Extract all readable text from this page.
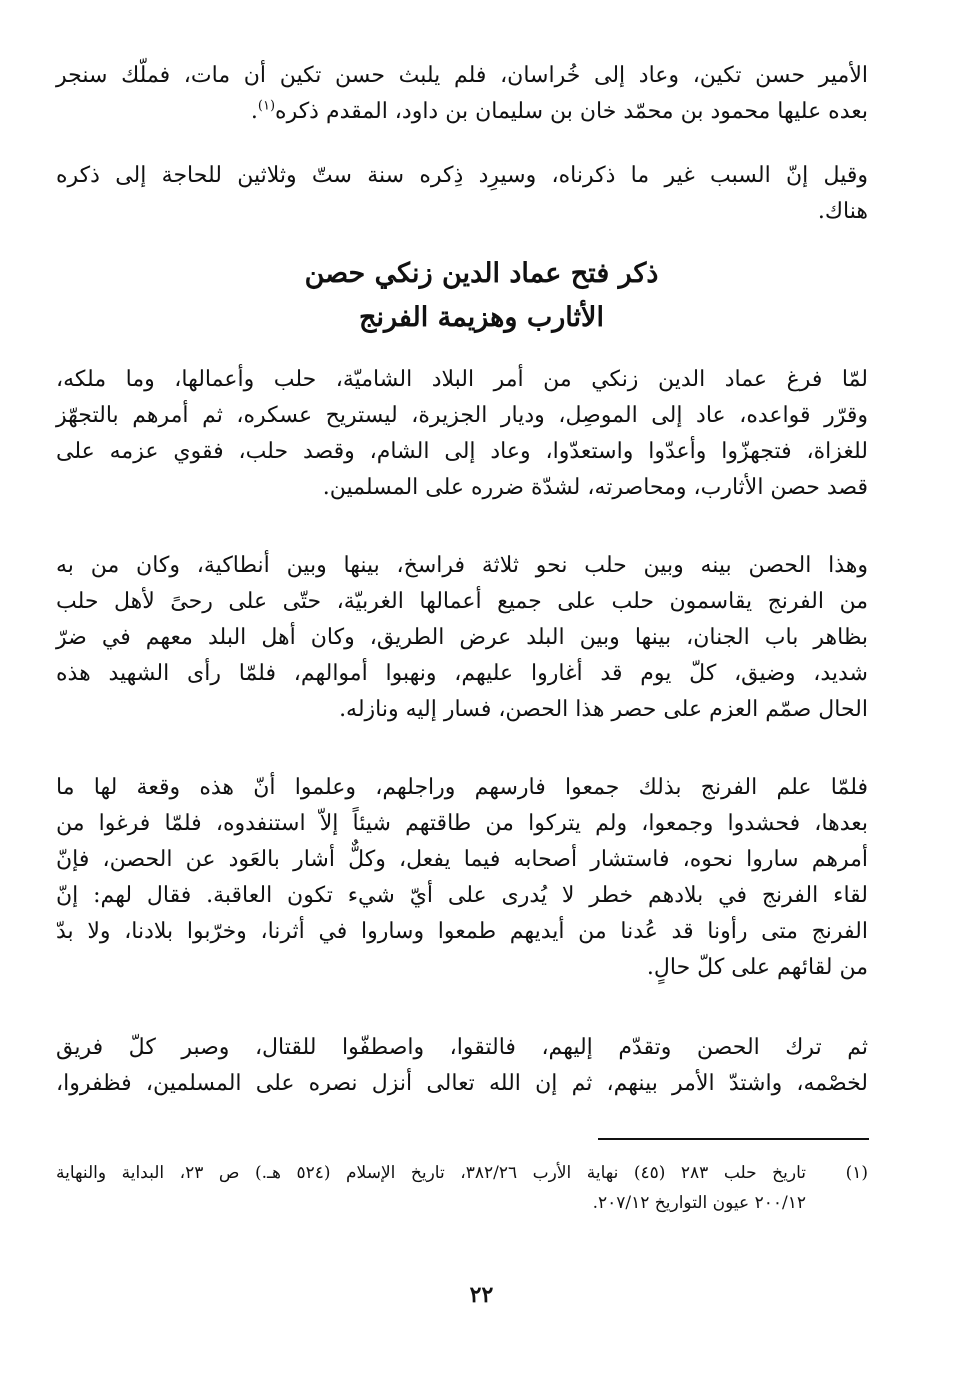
الأمير حسن تكين، وعاد إلى خُراسان، فلم يلبث حسن تكين أن مات، فملّك سنجر
بعده عليها محمود بن محمّد خان بن سليمان بن داود، المقدم ذكره$^{(١)}$.
وقيل إنّ السبب غير ما ذكرناه، وسيرِد ذِكره سنة ستّ وثلاثين للحاجة إلى ذكره
هناك.
ذكر فتح عماد الدين زنكي حصن
الأثارب وهزيمة الفرنج
لمّا فرغ عماد الدين زنكي من أمر البلاد الشاميّة، حلب وأعمالها، وما ملكه،
وقرّر قواعده، عاد إلى الموصِل، وديار الجزيرة، ليستريح عسكره، ثم أمرهم بالتجهّز
للغزاة، فتجهزّوا وأعدّوا واستعدّوا، وعاد إلى الشام، وقصد حلب، فقوي عزمه على
قصد حصن الأثارب، ومحاصرته، لشدّة ضرره على المسلمين.
وهذا الحصن بينه وبين حلب نحو ثلاثة فراسخ، بينها وبين أنطاكية، وكان من به
من الفرنج يقاسمون حلب على جميع أعمالها الغربيّة، حتّى على رحىً لأهل حلب
بظاهر باب الجنان، بينها وبين البلد عرض الطريق، وكان أهل البلد معهم في ضرّ
شديد، وضيق، كلّ يوم قد أغاروا عليهم، ونهبوا أموالهم، فلمّا رأى الشهيد هذه
الحال صمّم العزم على حصر هذا الحصن، فسار إليه ونازله.
فلمّا علم الفرنج بذلك جمعوا فارسهم وراجلهم، وعلموا أنّ هذه وقعة لها ما
بعدها، فحشدوا وجمعوا، ولم يتركوا من طاقتهم شيئاً إلاّ استنفدوه، فلمّا فرغوا من
أمرهم ساروا نحوه، فاستشار أصحابه فيما يفعل، وكلٌّ أشار بالعَود عن الحصن، فإنّ
لقاء الفرنج في بلادهم خطر لا يُدرى على أيّ شيء تكون العاقبة. فقال لهم: إنّ
الفرنج متى رأونا قد عُدنا من أيديهم طمعوا وساروا في أثرنا، وخرّبوا بلادنا، ولا بدّ
من لقائهم على كلّ حالٍ.
ثم ترك الحصن وتقدّم إليهم، فالتقوا، واصطفّوا للقتال، وصبر كلّ فريق
لخصْمه، واشتدّ الأمر بينهم، ثم إن الله تعالى أنزل نصره على المسلمين، فظفروا،
(١)
تاريخ حلب ٢٨٣ (٤٥) نهاية الأرب ٣٨٢/٢٦، تاريخ الإسلام (٥٢٤ هـ.) ص ٢٣، البداية والنهاية
٢٠٠/١٢ عيون التواريخ ٢٠٧/١٢.
٢٢
